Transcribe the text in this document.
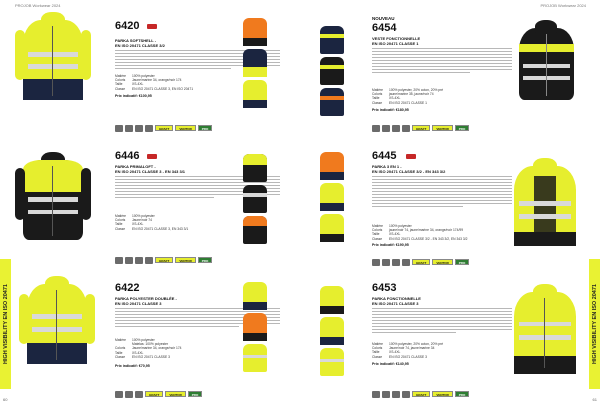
PROJOB Workwear 2024
60
HIGH VISIBILITY EN ISO 20471
6420
PARKA SOFTSHELL -
EN ISO 20471 CLASSE 3/2
Matière 100% polyester
Coloris Jaune/marine 34, orange/noir 174
Taille	XS-4XL
Classe EN ISO 20471 CLASSE 3, EN ISO 20471
Prix indicatif: €100,95
GRAFT	VENTOR	PRO
6446
PARKA PRIMALOFT -
EN ISO 20471 CLASSE 3 - EN 343 3/1
Matière 100% polyester
Coloris Jaune/noir 74
Taille	XS-4XL
Classe EN ISO 20471 CLASSE 3, EN 343 3/1
GRAFT	VENTOR	PRO
6422
PARKA POLYESTER DOUBLÉE -
EN ISO 20471 CLASSE 3
Matière 100% polyester
Matelas: 100% polyester
Coloris Jaune/marine 34, orange/noir 174
Taille	XS-4XL
Classe EN ISO 20471 CLASSE 3
Prix indicatif: €70,95
GRAFT	VENTOR	PRO
PROJOB Workwear 2024
61
HIGH VISIBILITY EN ISO 20471
NOUVEAU
6454
VESTE FONCTIONNELLE
EN ISO 20471 CLASSE 1
Matière 100% polyester, 20% coton, 20% pré
Coloris jaune/marine 35, jaune/noir 74
Taille	XS-4XL
Classe EN ISO 20471 CLASSE 1
Prix indicatif: €180,95
GRAFT	VENTOR	PRO
6445
PARKA 3 EN 1 -
EN ISO 20471 CLASSE 3/2 - EN 343 3/2
Matière 100% polyester
Coloris jaune/noir 74, jaune/marine 34, orange/noir 174/99
Taille	XS-4XL
Classe EN ISO 20471 CLASSE 3/2 - EN 343 3/2, EN 343 3/2
Prix indicatif: €190,95
GRAFT	VENTOR	PRO
6453
PARKA FONCTIONNELLE
EN ISO 20471 CLASSE 3
Matière 100% polyester, 20% coton, 20% pré
Coloris Jaune/noir 74, jaune/marine 34
Taille	XS-4XL
Classe EN ISO 20471 CLASSE 3
Prix indicatif: €140,95
GRAFT	VENTOR	PRO
